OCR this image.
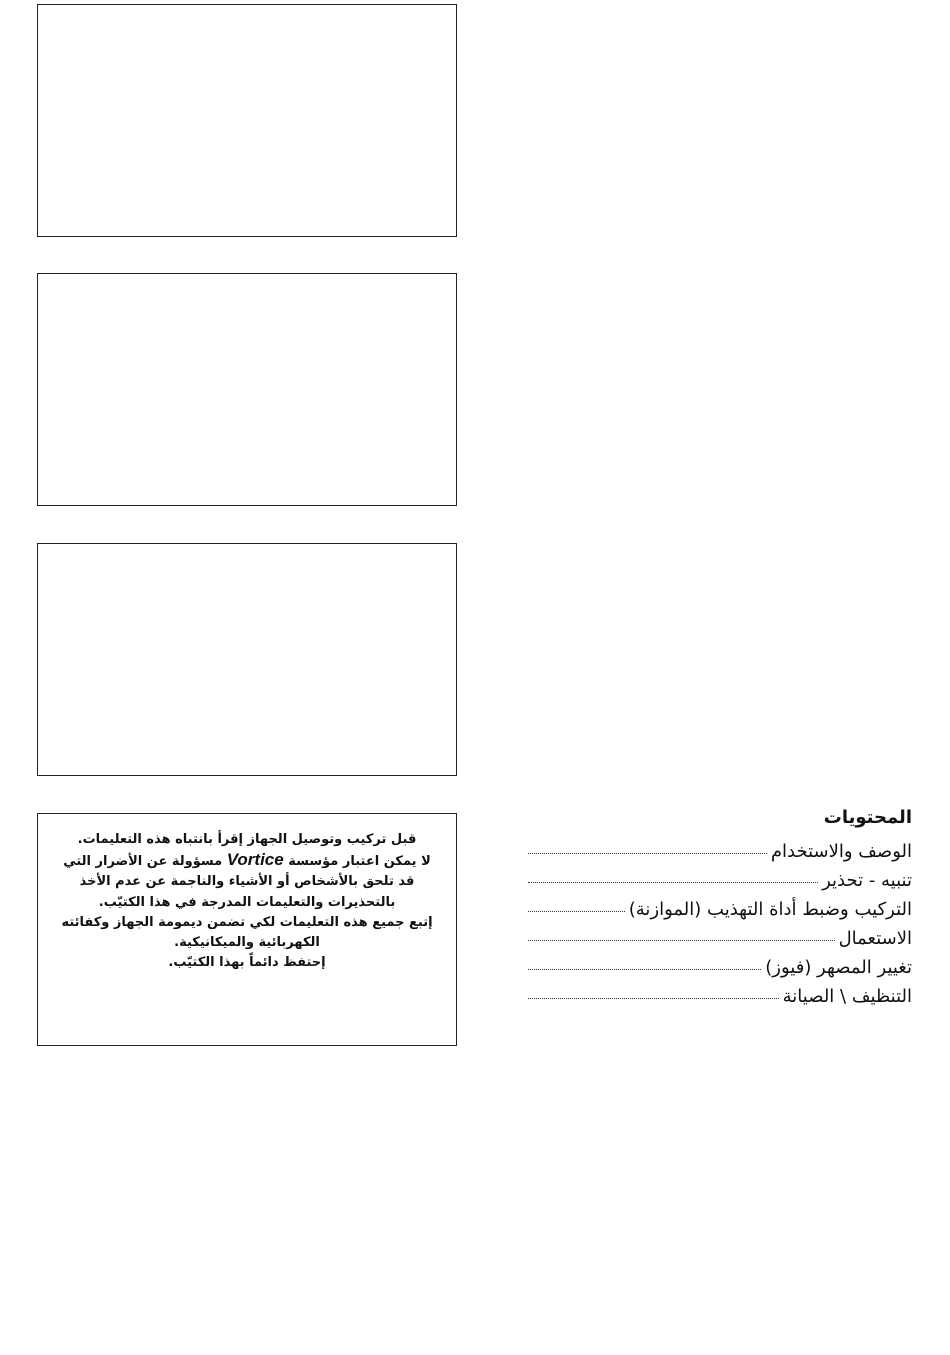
قبل تركيب وتوصيل الجهاز إقرأ بانتباه هذه التعليمات.

لا يمكن اعتبار مؤسسة Vortice مسؤولة عن الأضرار التي قد تلحق بالأشخاص أو الأشياء والناجمة عن عدم الأخذ بالتحذيرات والتعليمات المدرجة في هذا الكتيّب.

إتبع جميع هذه التعليمات لكي تضمن ديمومة الجهاز وكفائته الكهربائية والميكانيكية.

إحتفظ دائماً بهذا الكتيّب.

المحتويات
الوصف والاستخدام
تنبيه - تحذير
التركيب وضبط أداة التهذيب (الموازنة)
الاستعمال
تغيير المصهر (فيوز)
التنظيف \ الصيانة
